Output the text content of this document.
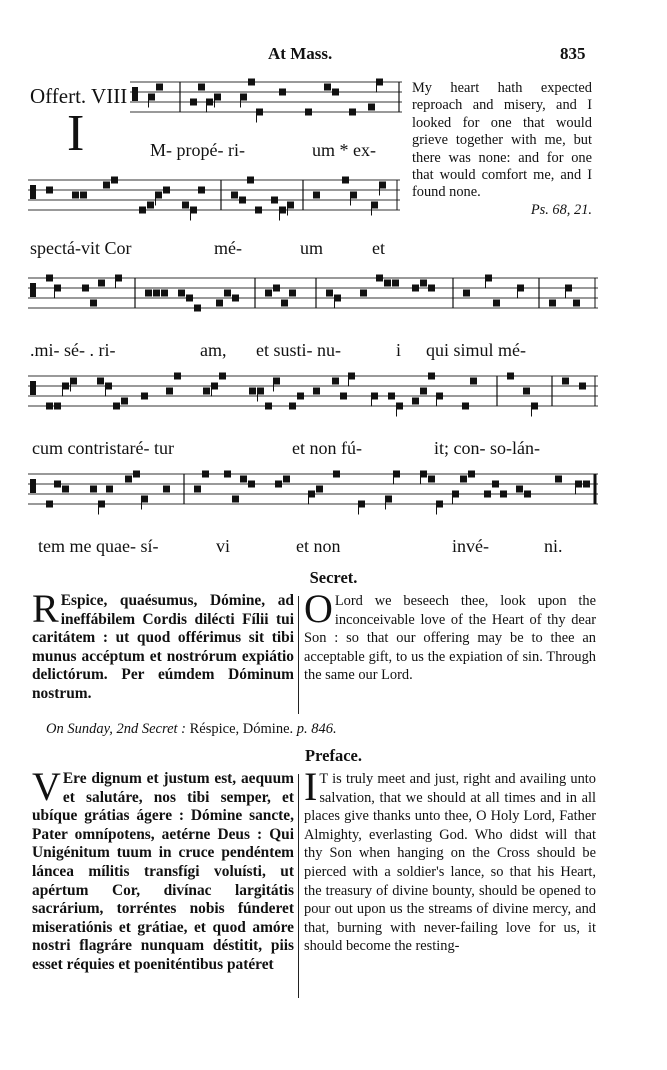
At Mass.	835
Offert. VIII
I	M- propé- ri-	um * ex-
spectá-vit Cor	mé-	um	et
.mi- sé- . ri-	am, et susti- nu-	i qui simul mé-
cum contristaré- tur	et non fú-	it; con- so-lán-
tem me quae- sí-	vi	et non	invé-	ni.
My heart hath expected reproach and misery, and I looked for one that would grieve together with me, but there was none: and for one that would comfort me, and I found none.
Ps. 68, 21.
Secret.
R Espice, quaésumus, Dómine, ad ineffábilem Cordis dilécti Fílii tui caritátem : ut quod offérimus sit tibi munus accéptum et nostrórum expiátio delictórum. Per eúmdem Dóminum nostrum.
O Lord we beseech thee, look upon the inconceivable love of the Heart of thy dear Son : so that our offering may be to thee an acceptable gift, to us the expiation of sin. Through the same our Lord.
On Sunday, 2nd Secret : Réspice, Dómine. p. 846.
Preface.
V Ere dignum et justum est, aequum et salutáre, nos tibi semper, et ubíque grátias ágere : Dómine sancte, Pater omnípotens, aetérne Deus : Qui Unigénitum tuum in cruce pendéntem láncea mílitis transfígi voluísti, ut apértum Cor, divínac largitátis sacrárium, torréntes nobis fúnderet miseratiónis et grátiae, et quod amóre nostri flagráre nunquam déstitit, piis esset réquies et poeniténtibus patéret
I T is truly meet and just, right and availing unto salvation, that we should at all times and in all places give thanks unto thee, O Holy Lord, Father Almighty, everlasting God. Who didst will that thy Son when hanging on the Cross should be pierced with a soldier's lance, so that his Heart, the treasury of divine bounty, should be opened to pour out upon us the streams of divine mercy, and that, burning with never-failing love for us, it should become the resting-
